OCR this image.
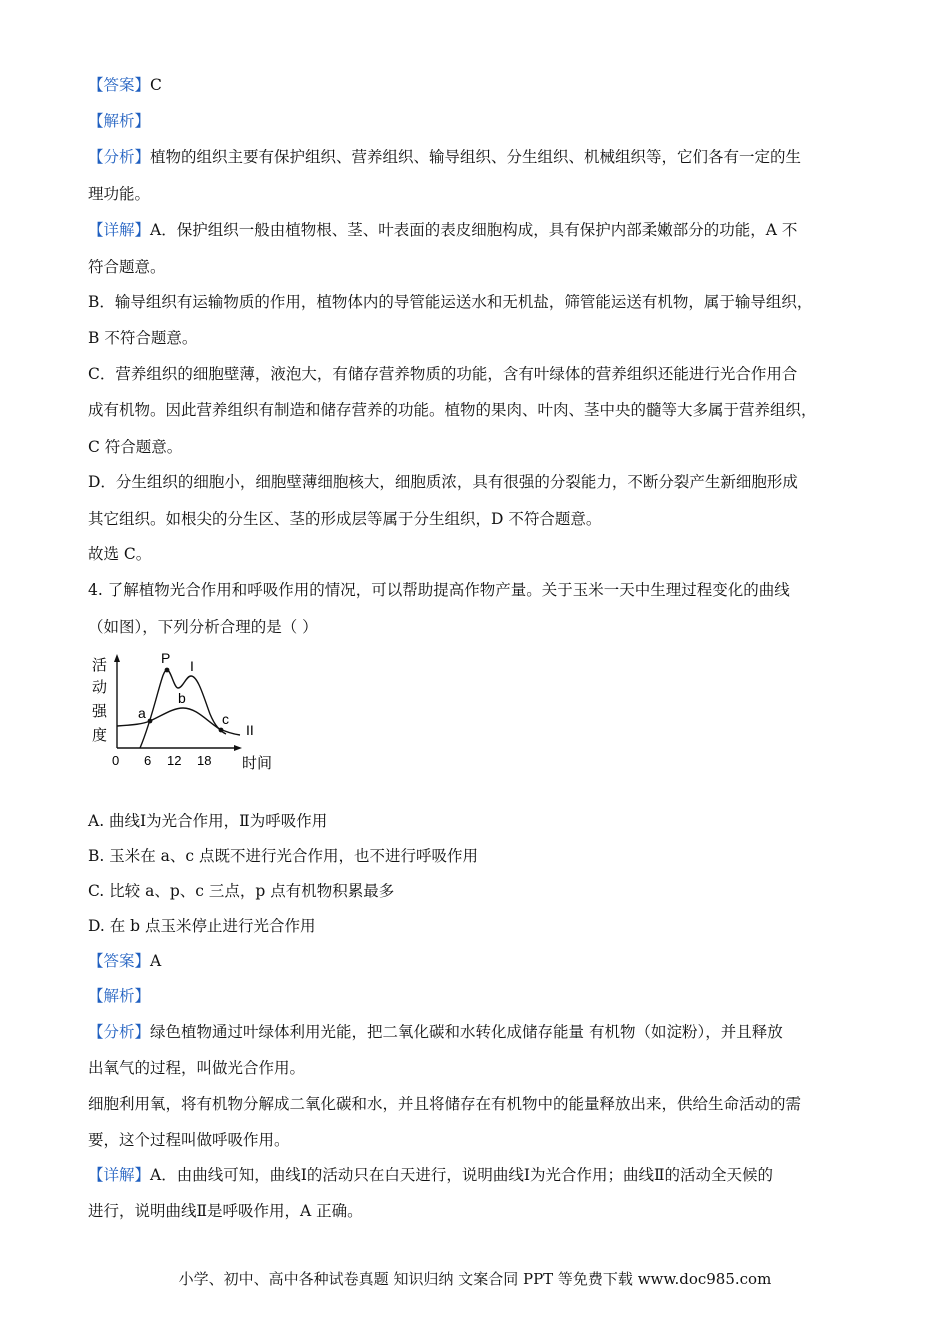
【答案】C
【解析】
【分析】植物的组织主要有保护组织、营养组织、输导组织、分生组织、机械组织等，它们各有一定的生
理功能。
【详解】A．保护组织一般由植物根、茎、叶表面的表皮细胞构成，具有保护内部柔嫩部分的功能，A 不
符合题意。
B．输导组织有运输物质的作用，植物体内的导管能运送水和无机盐，筛管能运送有机物，属于输导组织，
B 不符合题意。
C．营养组织的细胞壁薄，液泡大，有储存营养物质的功能，含有叶绿体的营养组织还能进行光合作用合
成有机物。因此营养组织有制造和储存营养的功能。植物的果肉、叶肉、茎中央的髓等大多属于营养组织，
C 符合题意。
D．分生组织的细胞小，细胞壁薄细胞核大，细胞质浓，具有很强的分裂能力，不断分裂产生新细胞形成
其它组织。如根尖的分生区、茎的形成层等属于分生组织，D 不符合题意。
故选 C。
4. 了解植物光合作用和呼吸作用的情况，可以帮助提高作物产量。关于玉米一天中生理过程变化的曲线
（如图），下列分析合理的是（ ）
A. 曲线Ⅰ为光合作用，Ⅱ为呼吸作用
B. 玉米在 a、c 点既不进行光合作用，也不进行呼吸作用
C. 比较 a、p、c 三点，p 点有机物积累最多
D. 在 b 点玉米停止进行光合作用
【答案】A
【解析】
【分析】绿色植物通过叶绿体利用光能，把二氧化碳和水转化成储存能量 有机物（如淀粉），并且释放
出氧气的过程，叫做光合作用。
细胞利用氧，将有机物分解成二氧化碳和水，并且将储存在有机物中的能量释放出来，供给生命活动的需
要，这个过程叫做呼吸作用。
【详解】A．由曲线可知，曲线Ⅰ的活动只在白天进行，说明曲线Ⅰ为光合作用；曲线Ⅱ的活动全天候的
进行，说明曲线Ⅱ是呼吸作用，A 正确。
活
动
强
度
P
a
b
c
I
II
0 6 12 18 时间
小学、初中、高中各种试卷真题 知识归纳 文案合同 PPT 等免费下载 www.doc985.com
